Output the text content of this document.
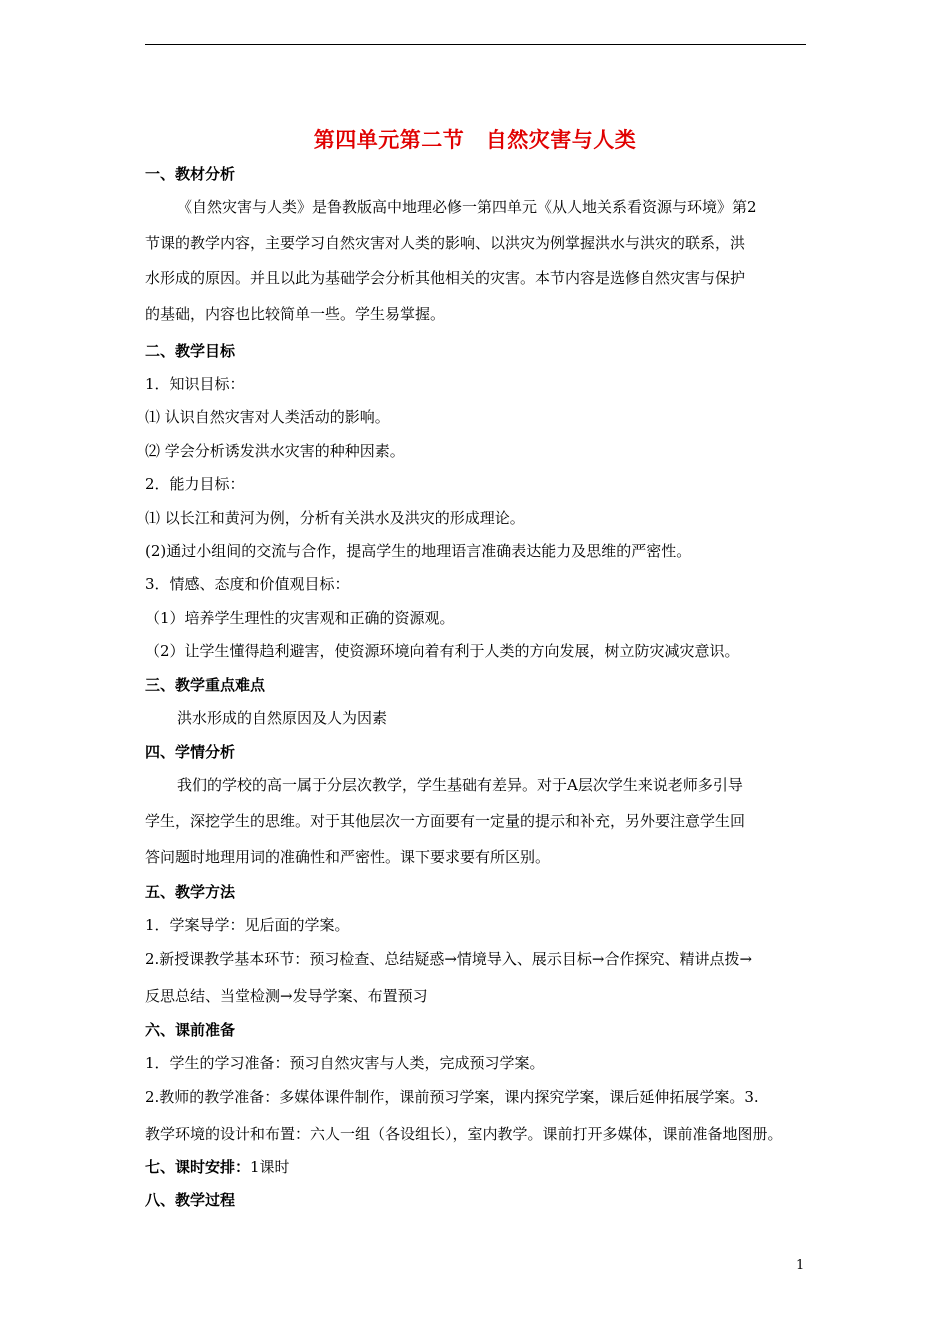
第四单元第二节　自然灾害与人类
一、教材分析
《自然灾害与人类》是鲁教版高中地理必修一第四单元《从人地关系看资源与环境》第2
节课的教学内容，主要学习自然灾害对人类的影响、以洪灾为例掌握洪水与洪灾的联系，洪
水形成的原因。并且以此为基础学会分析其他相关的灾害。本节内容是选修自然灾害与保护
的基础，内容也比较简单一些。学生易掌握。
二、教学目标
1．知识目标：
⑴ 认识自然灾害对人类活动的影响。
⑵ 学会分析诱发洪水灾害的种种因素。
2．能力目标：
⑴ 以长江和黄河为例，分析有关洪水及洪灾的形成理论。
(2)通过小组间的交流与合作，提高学生的地理语言准确表达能力及思维的严密性。
3．情感、态度和价值观目标：
（1）培养学生理性的灾害观和正确的资源观。
（2）让学生懂得趋利避害，使资源环境向着有利于人类的方向发展，树立防灾减灾意识。
三、教学重点难点
洪水形成的自然原因及人为因素
四、学情分析
我们的学校的高一属于分层次教学，学生基础有差异。对于A层次学生来说老师多引导
学生，深挖学生的思维。对于其他层次一方面要有一定量的提示和补充，另外要注意学生回
答问题时地理用词的准确性和严密性。课下要求要有所区别。
五、教学方法
1．学案导学：见后面的学案。
2.新授课教学基本环节：预习检查、总结疑惑→情境导入、展示目标→合作探究、精讲点拨→
反思总结、当堂检测→发导学案、布置预习
六、课前准备
1．学生的学习准备：预习自然灾害与人类，完成预习学案。
2.教师的教学准备：多媒体课件制作，课前预习学案，课内探究学案，课后延伸拓展学案。3.
教学环境的设计和布置：六人一组（各设组长），室内教学。课前打开多媒体，课前准备地图册。
七、课时安排：1课时
八、教学过程
1
